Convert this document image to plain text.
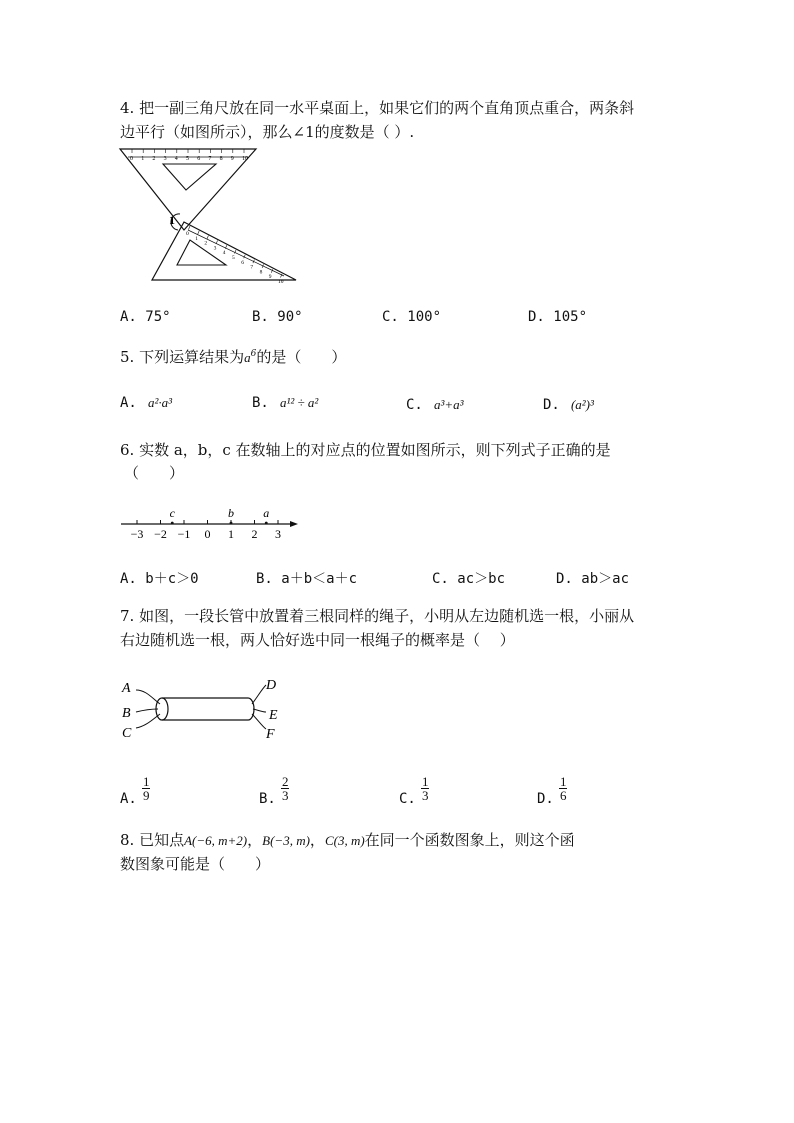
4. 把一副三角尺放在同一水平桌面上，如果它们的两个直角顶点重合，两条斜
边平行（如图所示），那么∠1的度数是（ ）.
0 1 2 3 4 5 6 7 8 9 10
0
1
2
3
4
5
6
7
8
9
10
1
A. 75°	B. 90°	C. 100°	D. 105°
5. 下列运算结果为$a^6$的是（　　）
A. a²·a³	B. a¹² ÷ a²	C. a³+a³	D. (a²)³
6. 实数 a，b，c 在数轴上的对应点的位置如图所示，则下列式子正确的是
（　　）
−3 −2 −1 0 1 2 3
c	b a
A. b＋c＞0	B. a＋b＜a＋c	C. ac＞bc	D. ab＞ac
7. 如图，一段长管中放置着三根同样的绳子，小明从左边随机选一根，小丽从
右边随机选一根，两人恰好选中同一根绳子的概率是（　 ）
A
B
C
D
E
F
A. $\frac{1}{9}$	B. $\frac{2}{3}$	C. $\frac{1}{3}$	D. $\frac{1}{6}$
8. 已知点A(−6, m+2)，B(−3, m)，C(3, m)在同一个函数图象上，则这个函
数图象可能是（　　）
